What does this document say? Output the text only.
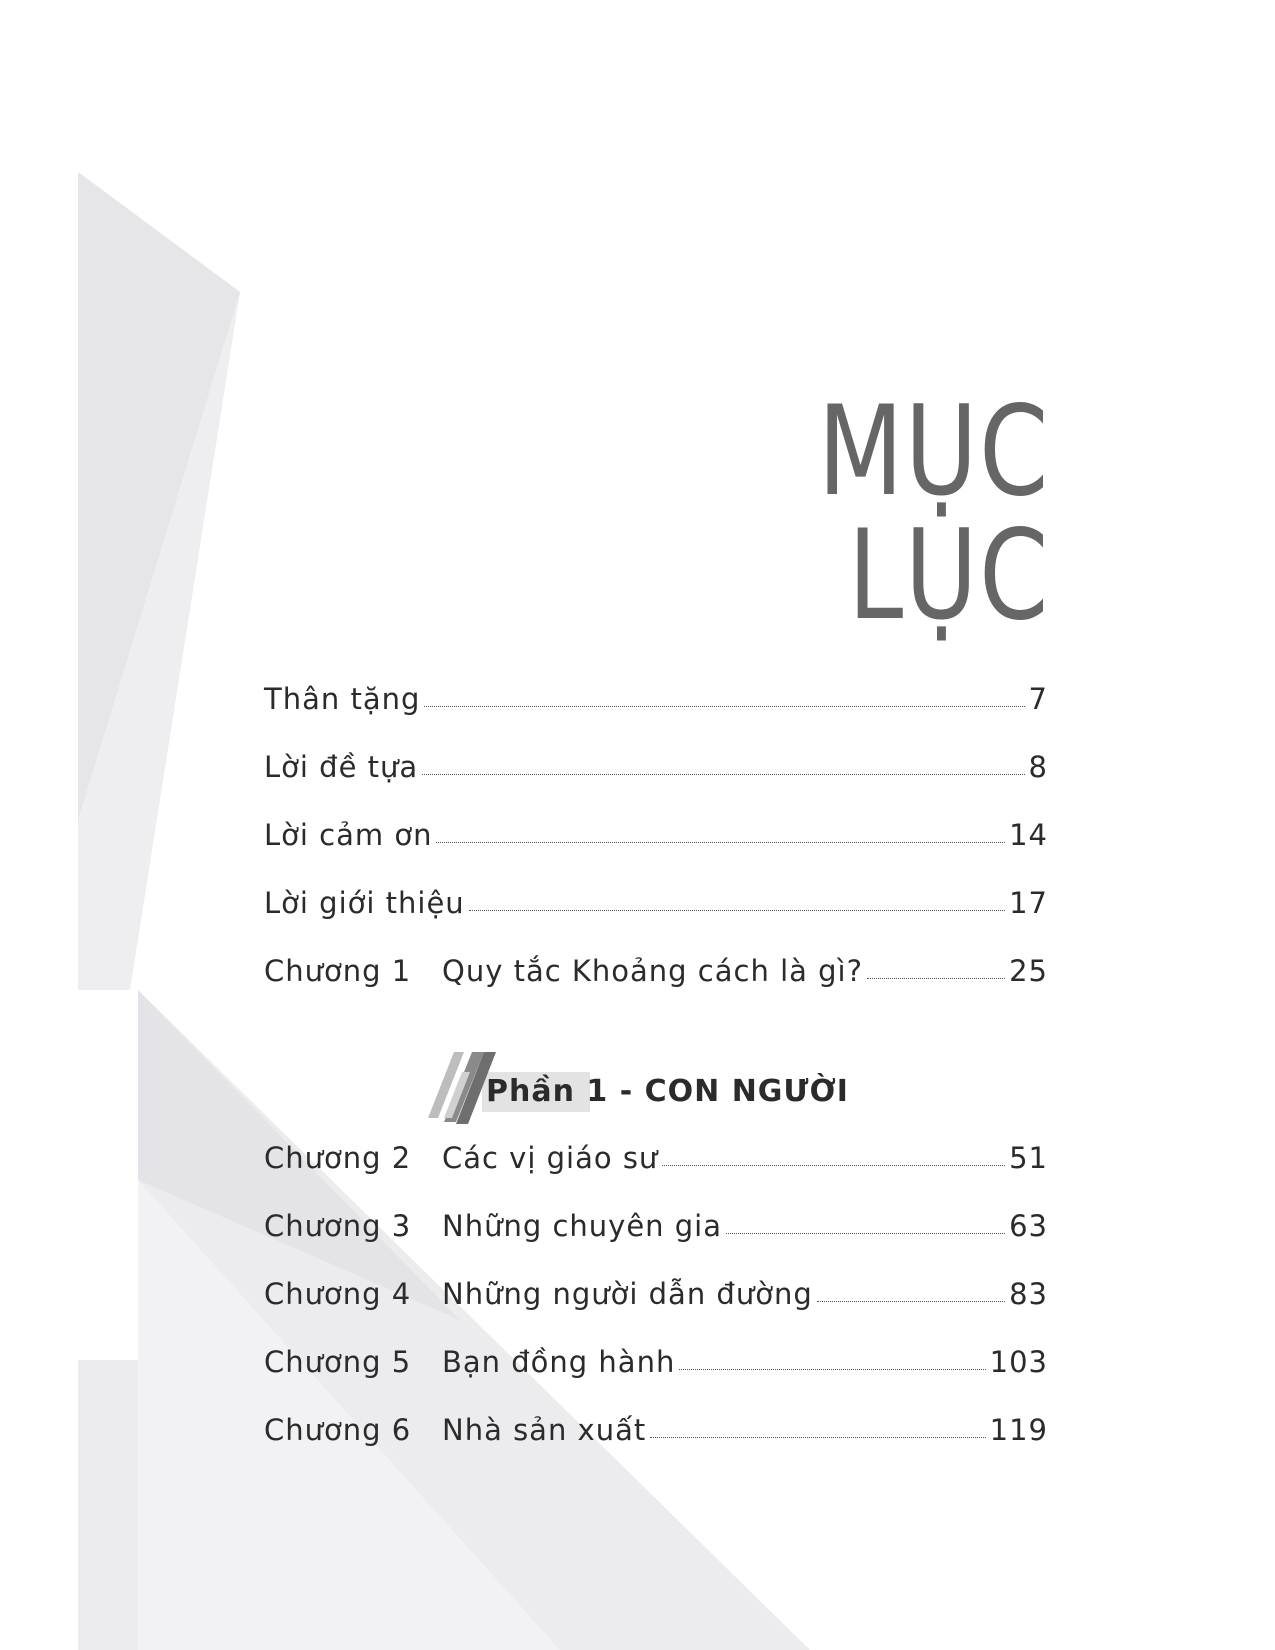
MỤC LỤC
Thân tặng	7
Lời đề tựa	8
Lời cảm ơn	14
Lời giới thiệu	17
Chương 1	Quy tắc Khoảng cách là gì?	25
Chương 2	Các vị giáo sư	51
Chương 3	Những chuyên gia	63
Chương 4	Những người dẫn đường	83
Chương 5	Bạn đồng hành	103
Chương 6	Nhà sản xuất	119
Phần 1 - CON NGƯỜI
